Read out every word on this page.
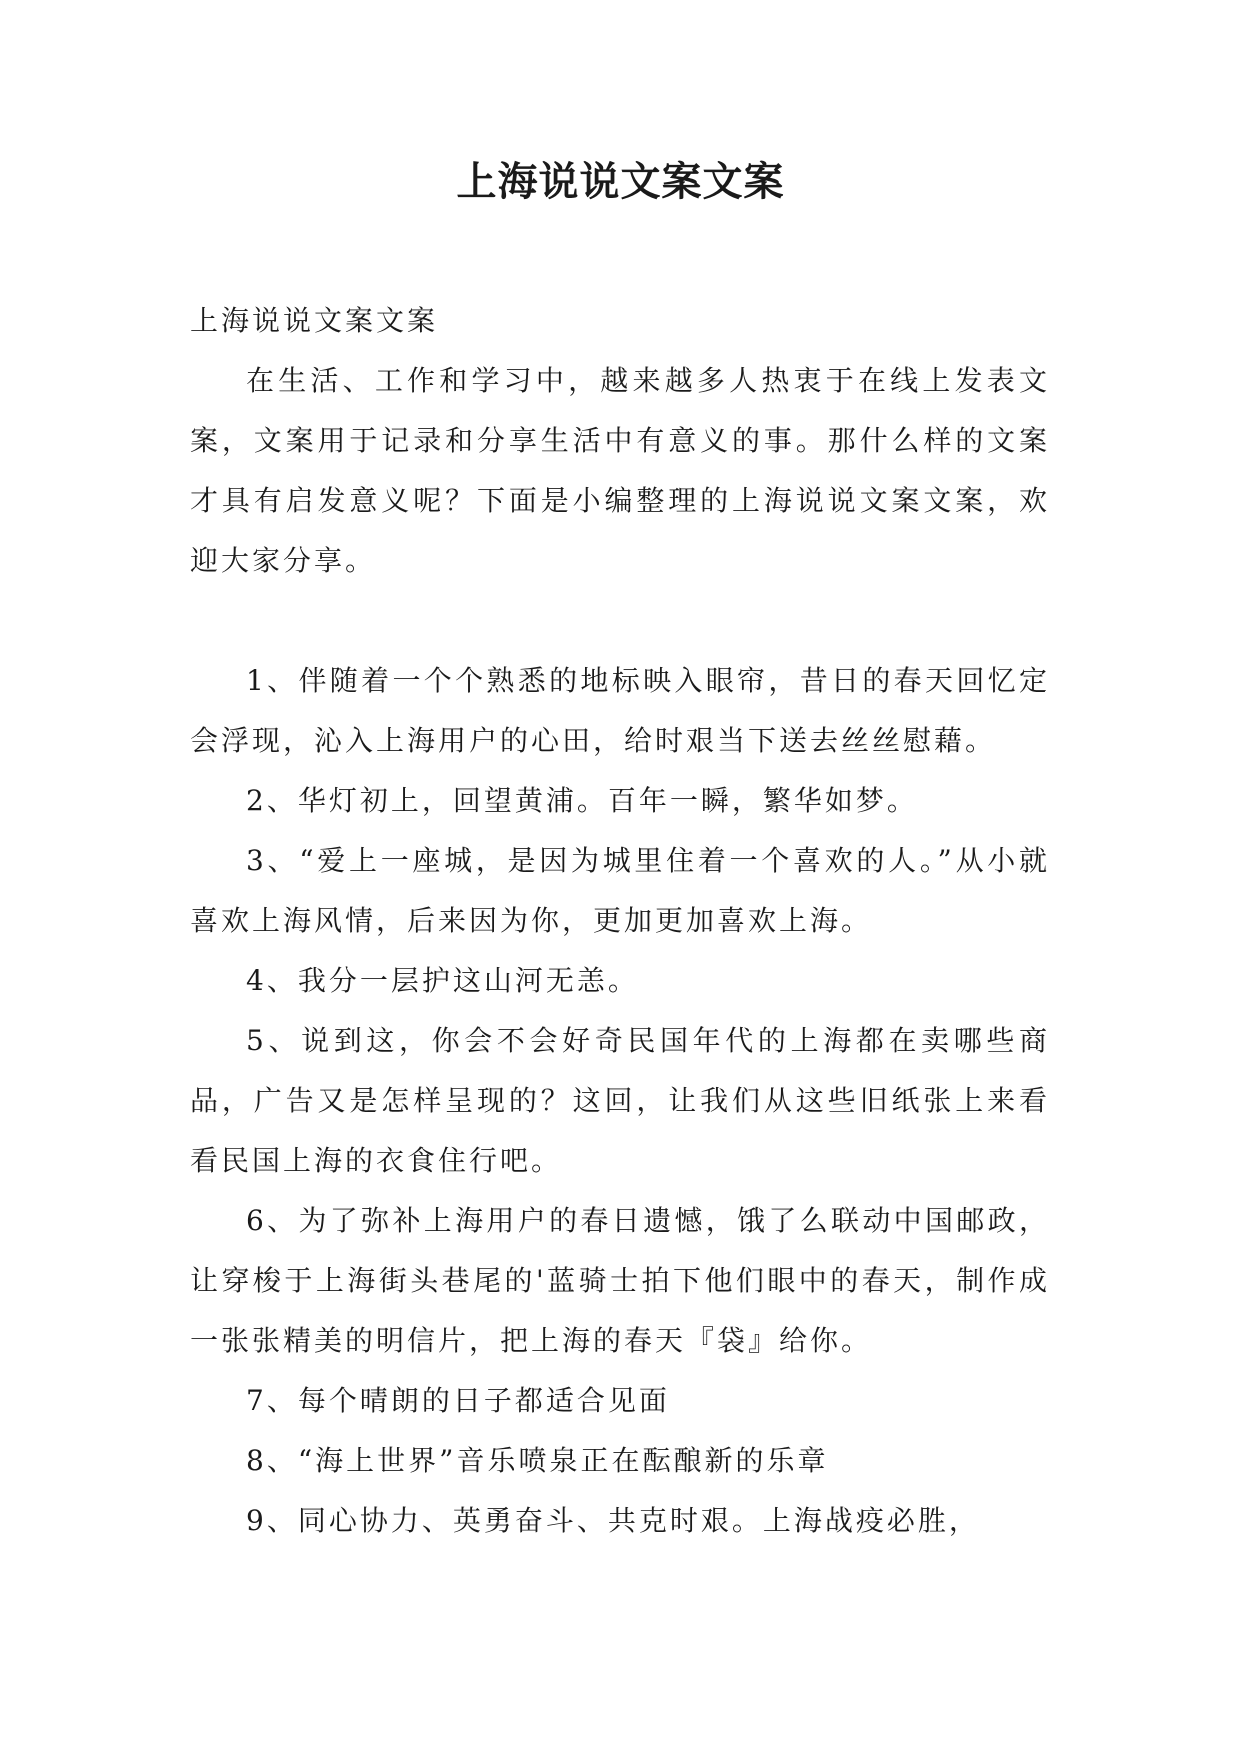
上海说说文案文案

上海说说文案文案

在生活、工作和学习中，越来越多人热衷于在线上发表文案，文案用于记录和分享生活中有意义的事。那什么样的文案才具有启发意义呢？下面是小编整理的上海说说文案文案，欢迎大家分享。

1、伴随着一个个熟悉的地标映入眼帘，昔日的春天回忆定会浮现，沁入上海用户的心田，给时艰当下送去丝丝慰藉。

2、华灯初上，回望黄浦。百年一瞬，繁华如梦。

3、“爱上一座城，是因为城里住着一个喜欢的人。”从小就喜欢上海风情，后来因为你，更加更加喜欢上海。

4、我分一层护这山河无恙。

5、说到这，你会不会好奇民国年代的上海都在卖哪些商品，广告又是怎样呈现的？这回，让我们从这些旧纸张上来看看民国上海的衣食住行吧。

6、为了弥补上海用户的春日遗憾，饿了么联动中国邮政，让穿梭于上海街头巷尾的'蓝骑士拍下他们眼中的春天，制作成一张张精美的明信片，把上海的春天『袋』给你。

7、每个晴朗的日子都适合见面

8、“海上世界”音乐喷泉正在酝酿新的乐章

9、同心协力、英勇奋斗、共克时艰。上海战疫必胜，
